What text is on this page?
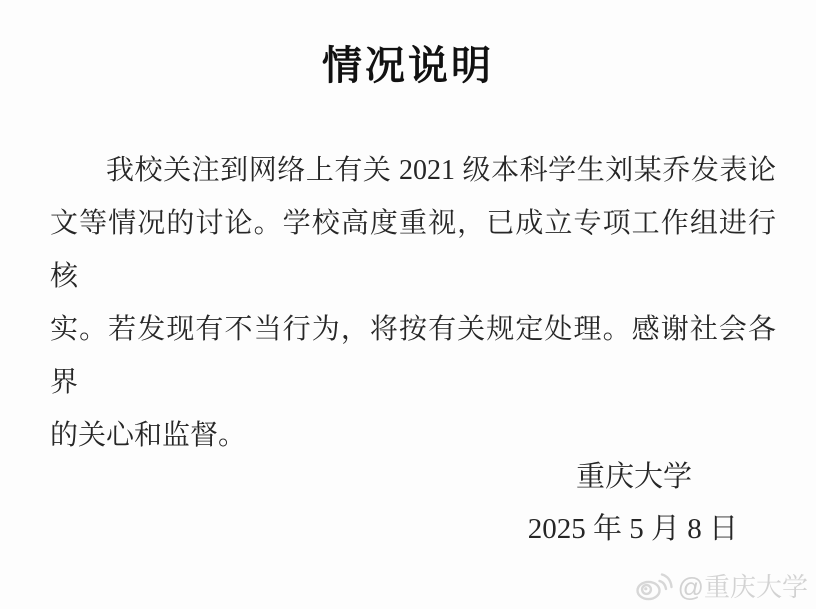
情况说明
我校关注到网络上有关 2021 级本科学生刘某乔发表论
文等情况的讨论。学校高度重视，已成立专项工作组进行核
实。若发现有不当行为，将按有关规定处理。感谢社会各界
的关心和监督。
重庆大学
2025 年 5 月 8 日
@重庆大学
